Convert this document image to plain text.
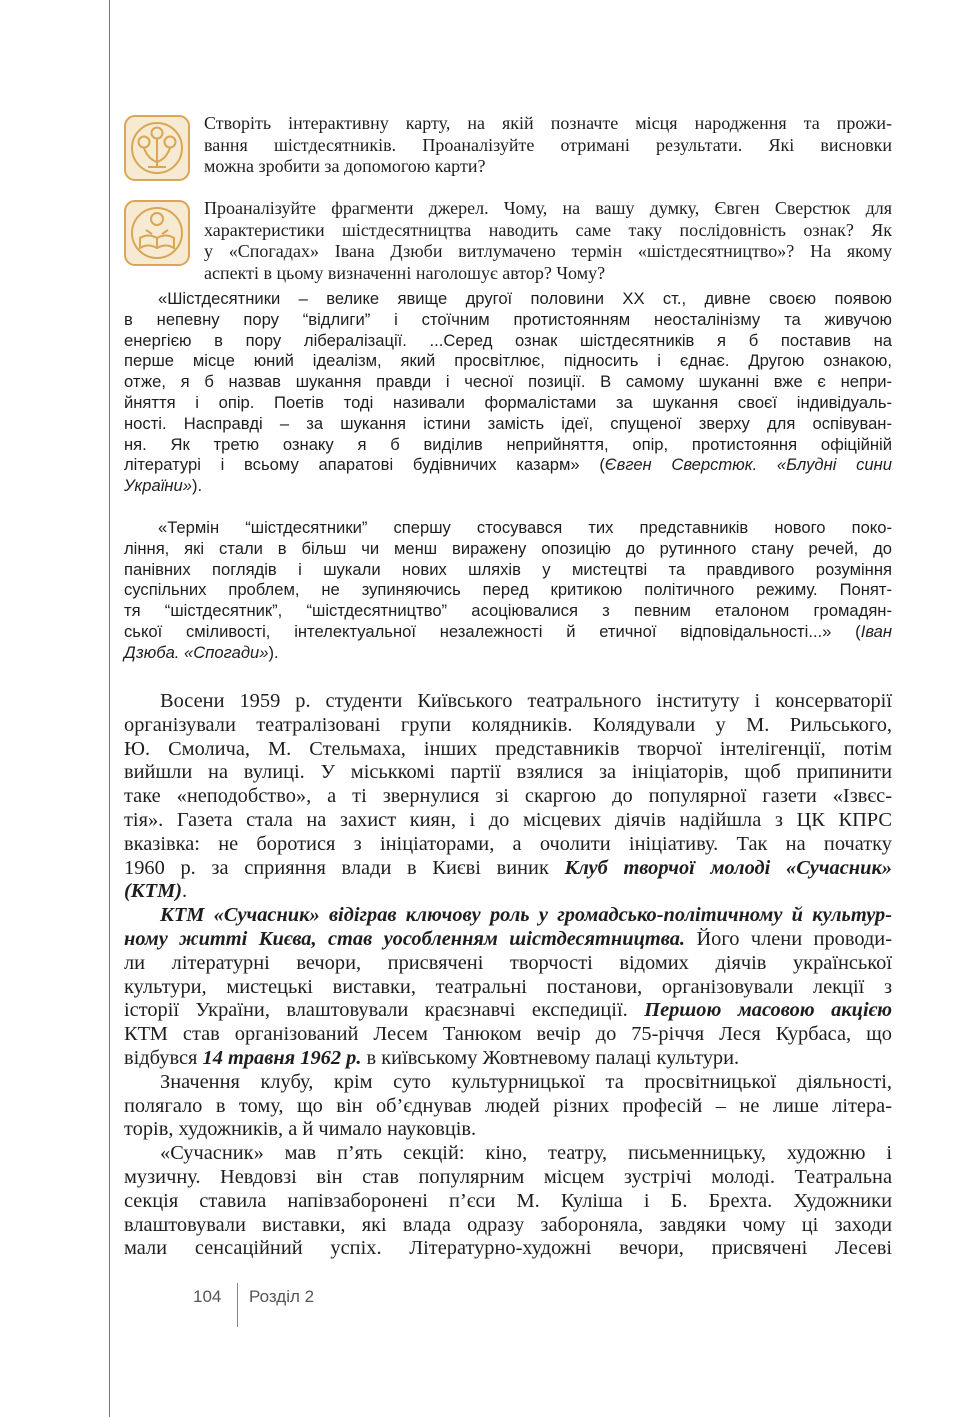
Створіть інтерактивну карту, на якій позначте місця народження та прожи-
вання шістдесятників. Проаналізуйте отримані результати. Які висновки
можна зробити за допомогою карти?
Проаналізуйте фрагменти джерел. Чому, на вашу думку, Євген Сверстюк для
характеристики шістдесятництва наводить саме таку послідовність ознак? Як
у «Спогадах» Івана Дзюби витлумачено термін «шістдесятництво»? На якому
аспекті в цьому визначенні наголошує автор? Чому?
«Шістдесятники – велике явище другої половини ХХ ст., дивне своєю появою
в непевну пору “відлиги” і стоїчним протистоянням неосталінізму та живучою
енергією в пору лібералізації. ...Серед ознак шістдесятників я б поставив на
перше місце юний ідеалізм, який просвітлює, підносить і єднає. Другою ознакою,
отже, я б назвав шукання правди і чесної позиції. В самому шуканні вже є непри-
йняття і опір. Поетів тоді називали формалістами за шукання своєї індивідуаль-
ності. Насправді – за шукання істини замість ідеї, спущеної зверху для оспівуван-
ня. Як третю ознаку я б виділив неприйняття, опір, протистояння офіційній
літературі і всьому апаратові будівничих казарм» (Євген Сверстюк. «Блудні сини
України»).
«Термін “шістдесятники” спершу стосувався тих представників нового поко-
ління, які стали в більш чи менш виражену опозицію до рутинного стану речей, до
панівних поглядів і шукали нових шляхів у мистецтві та правдивого розуміння
суспільних проблем, не зупиняючись перед критикою політичного режиму. Понят-
тя “шістдесятник”, “шістдесятництво” асоціювалися з певним еталоном громадян-
ської сміливості, інтелектуальної незалежності й етичної відповідальності...» (Іван
Дзюба. «Спогади»).
Восени 1959 р. студенти Київського театрального інституту і консерваторії
організували театралізовані групи колядників. Колядували у М. Рильського,
Ю. Смолича, М. Стельмаха, інших представників творчої інтелігенції, потім
вийшли на вулиці. У міськкомі партії взялися за ініціаторів, щоб припинити
таке «неподобство», а ті звернулися зі скаргою до популярної газети «Ізвєс-
тія». Газета стала на захист киян, і до місцевих діячів надійшла з ЦК КПРС
вказівка: не боротися з ініціаторами, а очолити ініціативу. Так на початку
1960 р. за сприяння влади в Києві виник Клуб творчої молоді «Сучасник»
(КТМ).
КТМ «Сучасник» відіграв ключову роль у громадсько-політичному й культур-
ному житті Києва, став уособленням шістдесятництва. Його члени проводи-
ли літературні вечори, присвячені творчості відомих діячів української
культури, мистецькі виставки, театральні постанови, організовували лекції з
історії України, влаштовували краєзнавчі експедиції. Першою масовою акцією
КТМ став організований Лесем Танюком вечір до 75-річчя Леся Курбаса, що
відбувся 14 травня 1962 р. в київському Жовтневому палаці культури.
Значення клубу, крім суто культурницької та просвітницької діяльності,
полягало в тому, що він об’єднував людей різних професій – не лише літера-
торів, художників, а й чимало науковців.
«Сучасник» мав п’ять секцій: кіно, театру, письменницьку, художню і
музичну. Невдовзі він став популярним місцем зустрічі молоді. Театральна
секція ставила напівзаборонені п’єси М. Куліша і Б. Брехта. Художники
влаштовували виставки, які влада одразу забороняла, завдяки чому ці заходи
мали сенсаційний успіх. Літературно-художні вечори, присвячені Лесеві
104 Розділ 2
